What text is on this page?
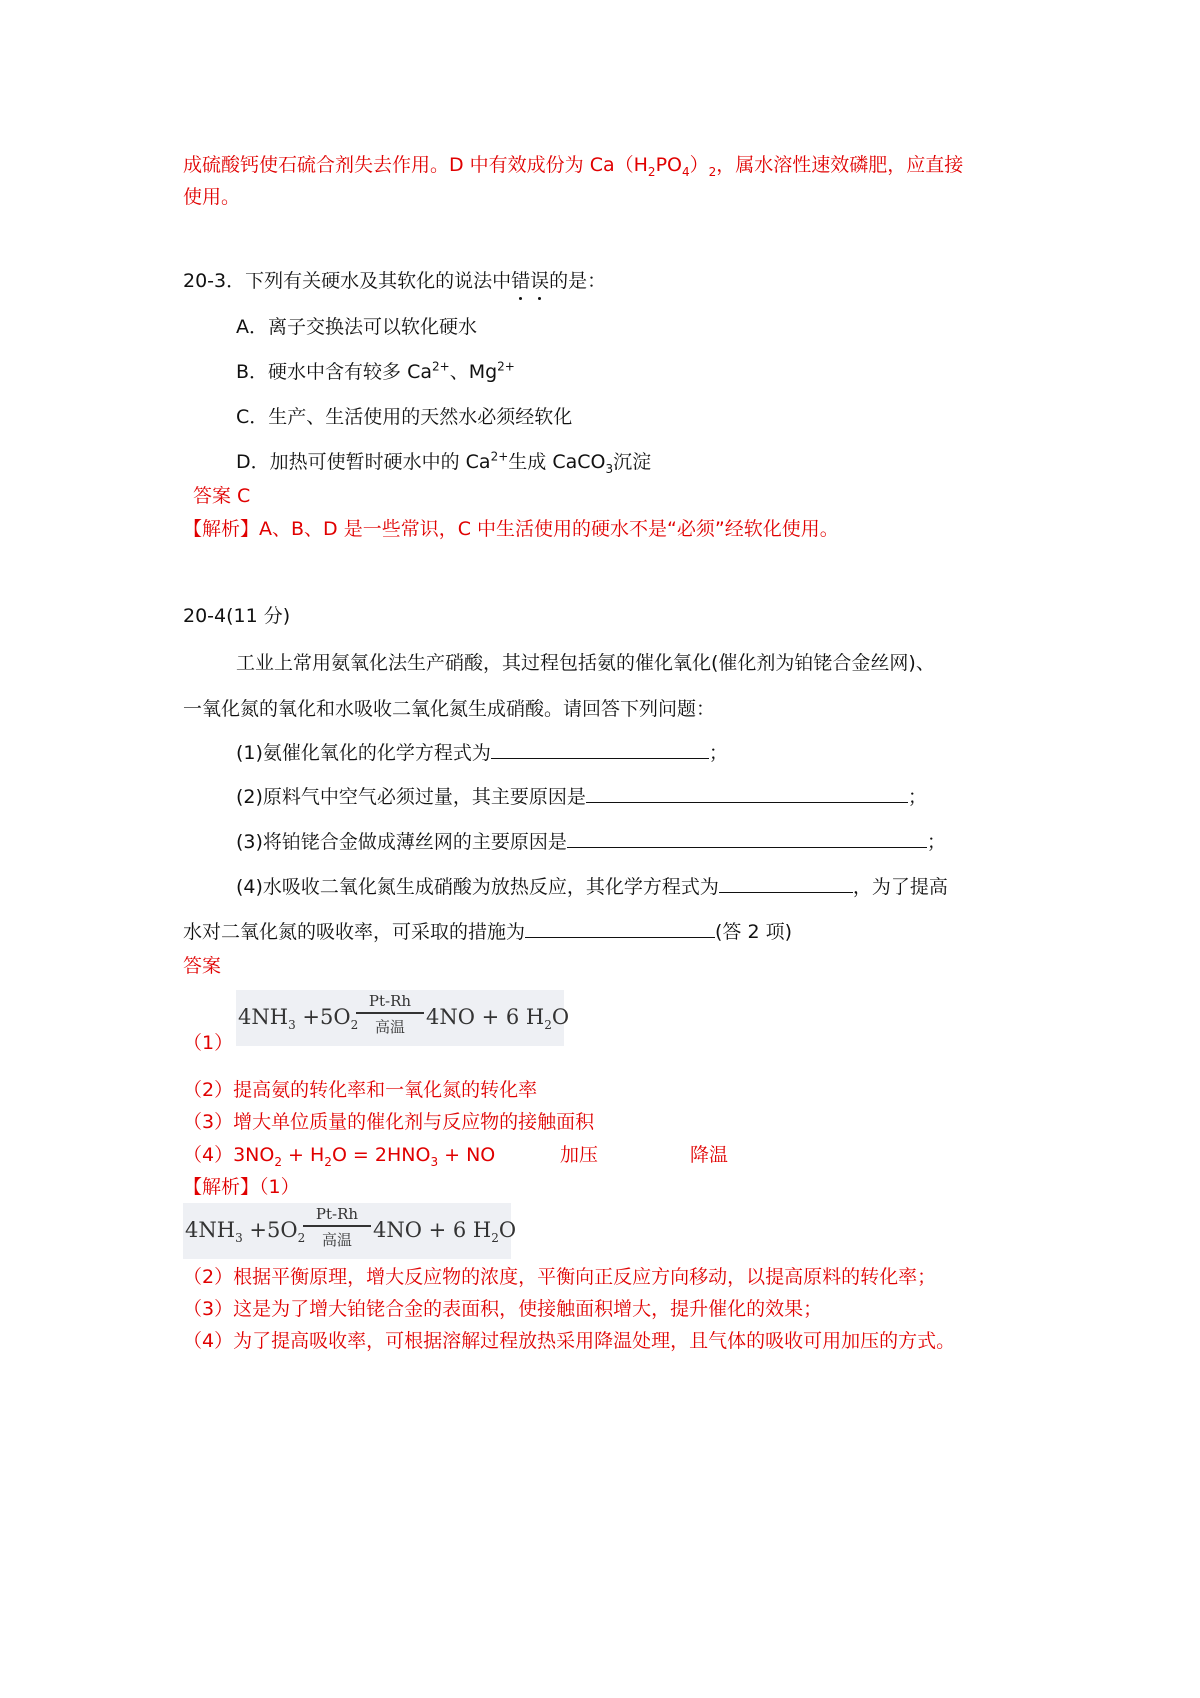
成硫酸钙使石硫合剂失去作用。D 中有效成份为 $Ca(H_2PO_4)_2$，属水溶性速效磷肥，应直接
使用。
20-3．下列有关硬水及其软化的说法中错误的是：
A．离子交换法可以软化硬水
B．硬水中含有较多 $Ca^{2+}$、$Mg^{2+}$
C．生产、生活使用的天然水必须经软化
D．加热可使暂时硬水中的 $Ca^{2+}$生成 CaCO$_3$沉淀
答案 C
【解析】A、B、D 是一些常识，C 中生活使用的硬水不是“必须”经软化使用。
20-4(11 分)
工业上常用氨氧化法生产硝酸，其过程包括氨的催化氧化(催化剂为铂铑合金丝网)、
一氧化氮的氧化和水吸收二氧化氮生成硝酸。请回答下列问题：
(1)氨催化氧化的化学方程式为	；
(2)原料气中空气必须过量，其主要原因是	；
(3)将铂铑合金做成薄丝网的主要原因是	；
(4)水吸收二氧化氮生成硝酸为放热反应，其化学方程式为	，为了提高
水对二氧化氮的吸收率，可采取的措施为	(答 2 项)
答案
（1）
$4NH_3 +5O_2$
Pt-Rh
高温	4NO + 6 $H_2O$
（2）提高氨的转化率和一氧化氮的转化率
（3）增大单位质量的催化剂与反应物的接触面积
$(4)3NO_2 + H_2O = 2HNO_3$ + NO	加压	降温
【解析】（1）
$4NH_3 +5O_2$
Pt-Rh
高温	4NO + 6 $H_2O$
（2）根据平衡原理，增大反应物的浓度，平衡向正反应方向移动，以提高原料的转化率；
（3）这是为了增大铂铑合金的表面积，使接触面积增大，提升催化的效果；
（4）为了提高吸收率，可根据溶解过程放热采用降温处理，且气体的吸收可用加压的方式。
